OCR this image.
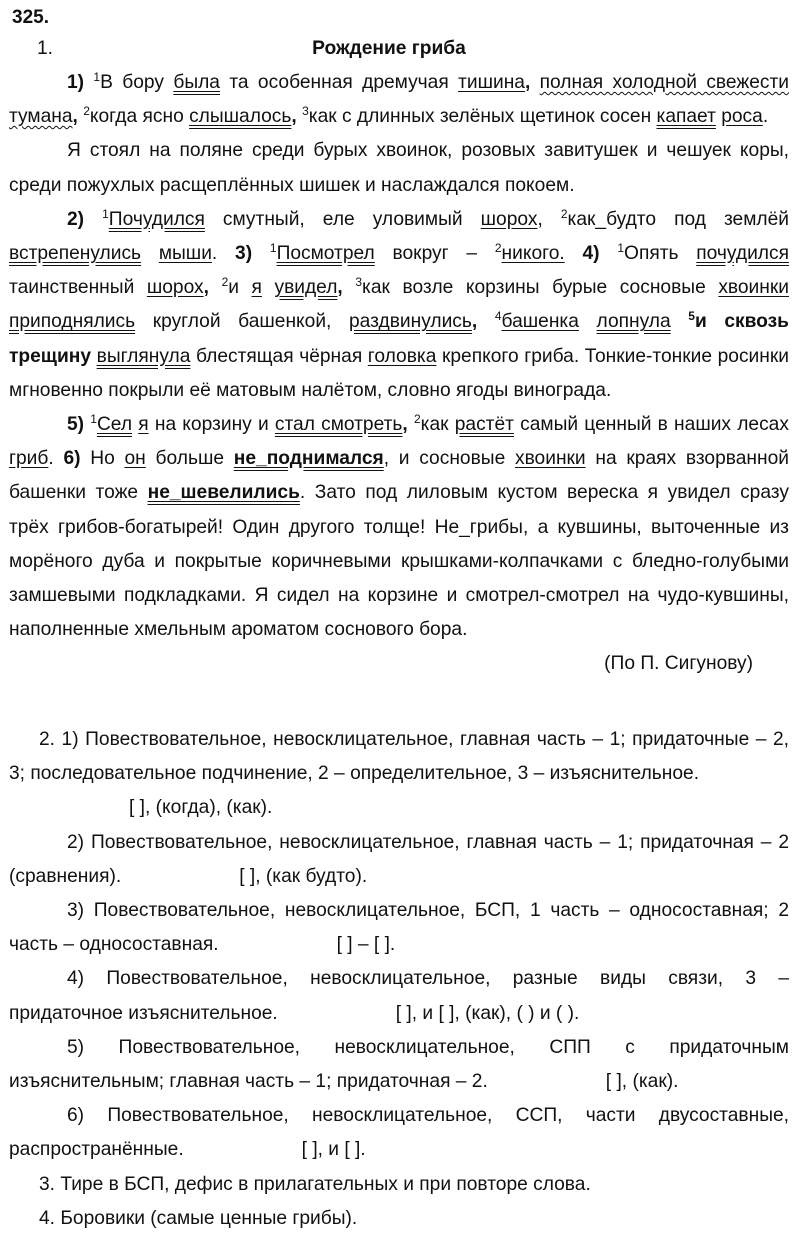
325.
1.	Рождение гриба

1) $^1$В бору была та особенная дремучая тишина, полная холодной свежести тумана, $^2$когда ясно слышалось, $^3$как с длинных зелёных щетинок сосен капает роса.

Я стоял на поляне среди бурых хвоинок, розовых завитушек и чешуек коры, среди пожухлых расщеплённых шишек и наслаждался покоем.

2) $^1$Почудился смутный, еле уловимый шорох, $^2$как_будто под землёй встрепенулись мыши. 3) $^1$Посмотрел вокруг – $^2$никого. 4) $^1$Опять почудился таинственный шорох, $^2$и я увидел, $^3$как возле корзины бурые сосновые хвоинки приподнялись круглой башенкой, раздвинулись, $^4$башенка лопнула $^5$и сквозь трещину выглянула блестящая чёрная головка крепкого гриба. Тонкие-тонкие росинки мгновенно покрыли её матовым налётом, словно ягоды винограда.

5) $^1$Сел я на корзину и стал смотреть, $^2$как растёт самый ценный в наших лесах гриб. 6) Но он больше не_поднимался, и сосновые хвоинки на краях взорванной башенки тоже не_шевелились. Зато под лиловым кустом вереска я увидел сразу трёх грибов-богатырей! Один другого толще! Не_грибы, а кувшины, выточенные из морёного дуба и покрытые коричневыми крышками-колпачками с бледно-голубыми замшевыми подкладками. Я сидел на корзине и смотрел-смотрел на чудо-кувшины, наполненные хмельным ароматом соснового бора.

(По П. Сигунову)

2. 1) Повествовательное, невосклицательное, главная часть – 1; придаточные – 2, 3; последовательное подчинение, 2 – определительное, 3 – изъяснительное.

[ ], (когда), (как).

2) Повествовательное, невосклицательное, главная часть – 1; придаточная – 2 (сравнения).	[ ], (как будто).

3) Повествовательное, невосклицательное, БСП, 1 часть – односоставная; 2 часть – односоставная.	[ ] – [ ].

4) Повествовательное, невосклицательное, разные виды связи, 3 – придаточное изъяснительное.	[ ], и [ ], (как), ( ) и ( ).

5) Повествовательное, невосклицательное, СПП с придаточным изъяснительным; главная часть – 1; придаточная – 2.	[ ], (как).

6) Повествовательное, невосклицательное, ССП, части двусоставные, распространённые.	[ ], и [ ].

3. Тире в БСП, дефис в прилагательных и при повторе слова.

4. Боровики (самые ценные грибы).
